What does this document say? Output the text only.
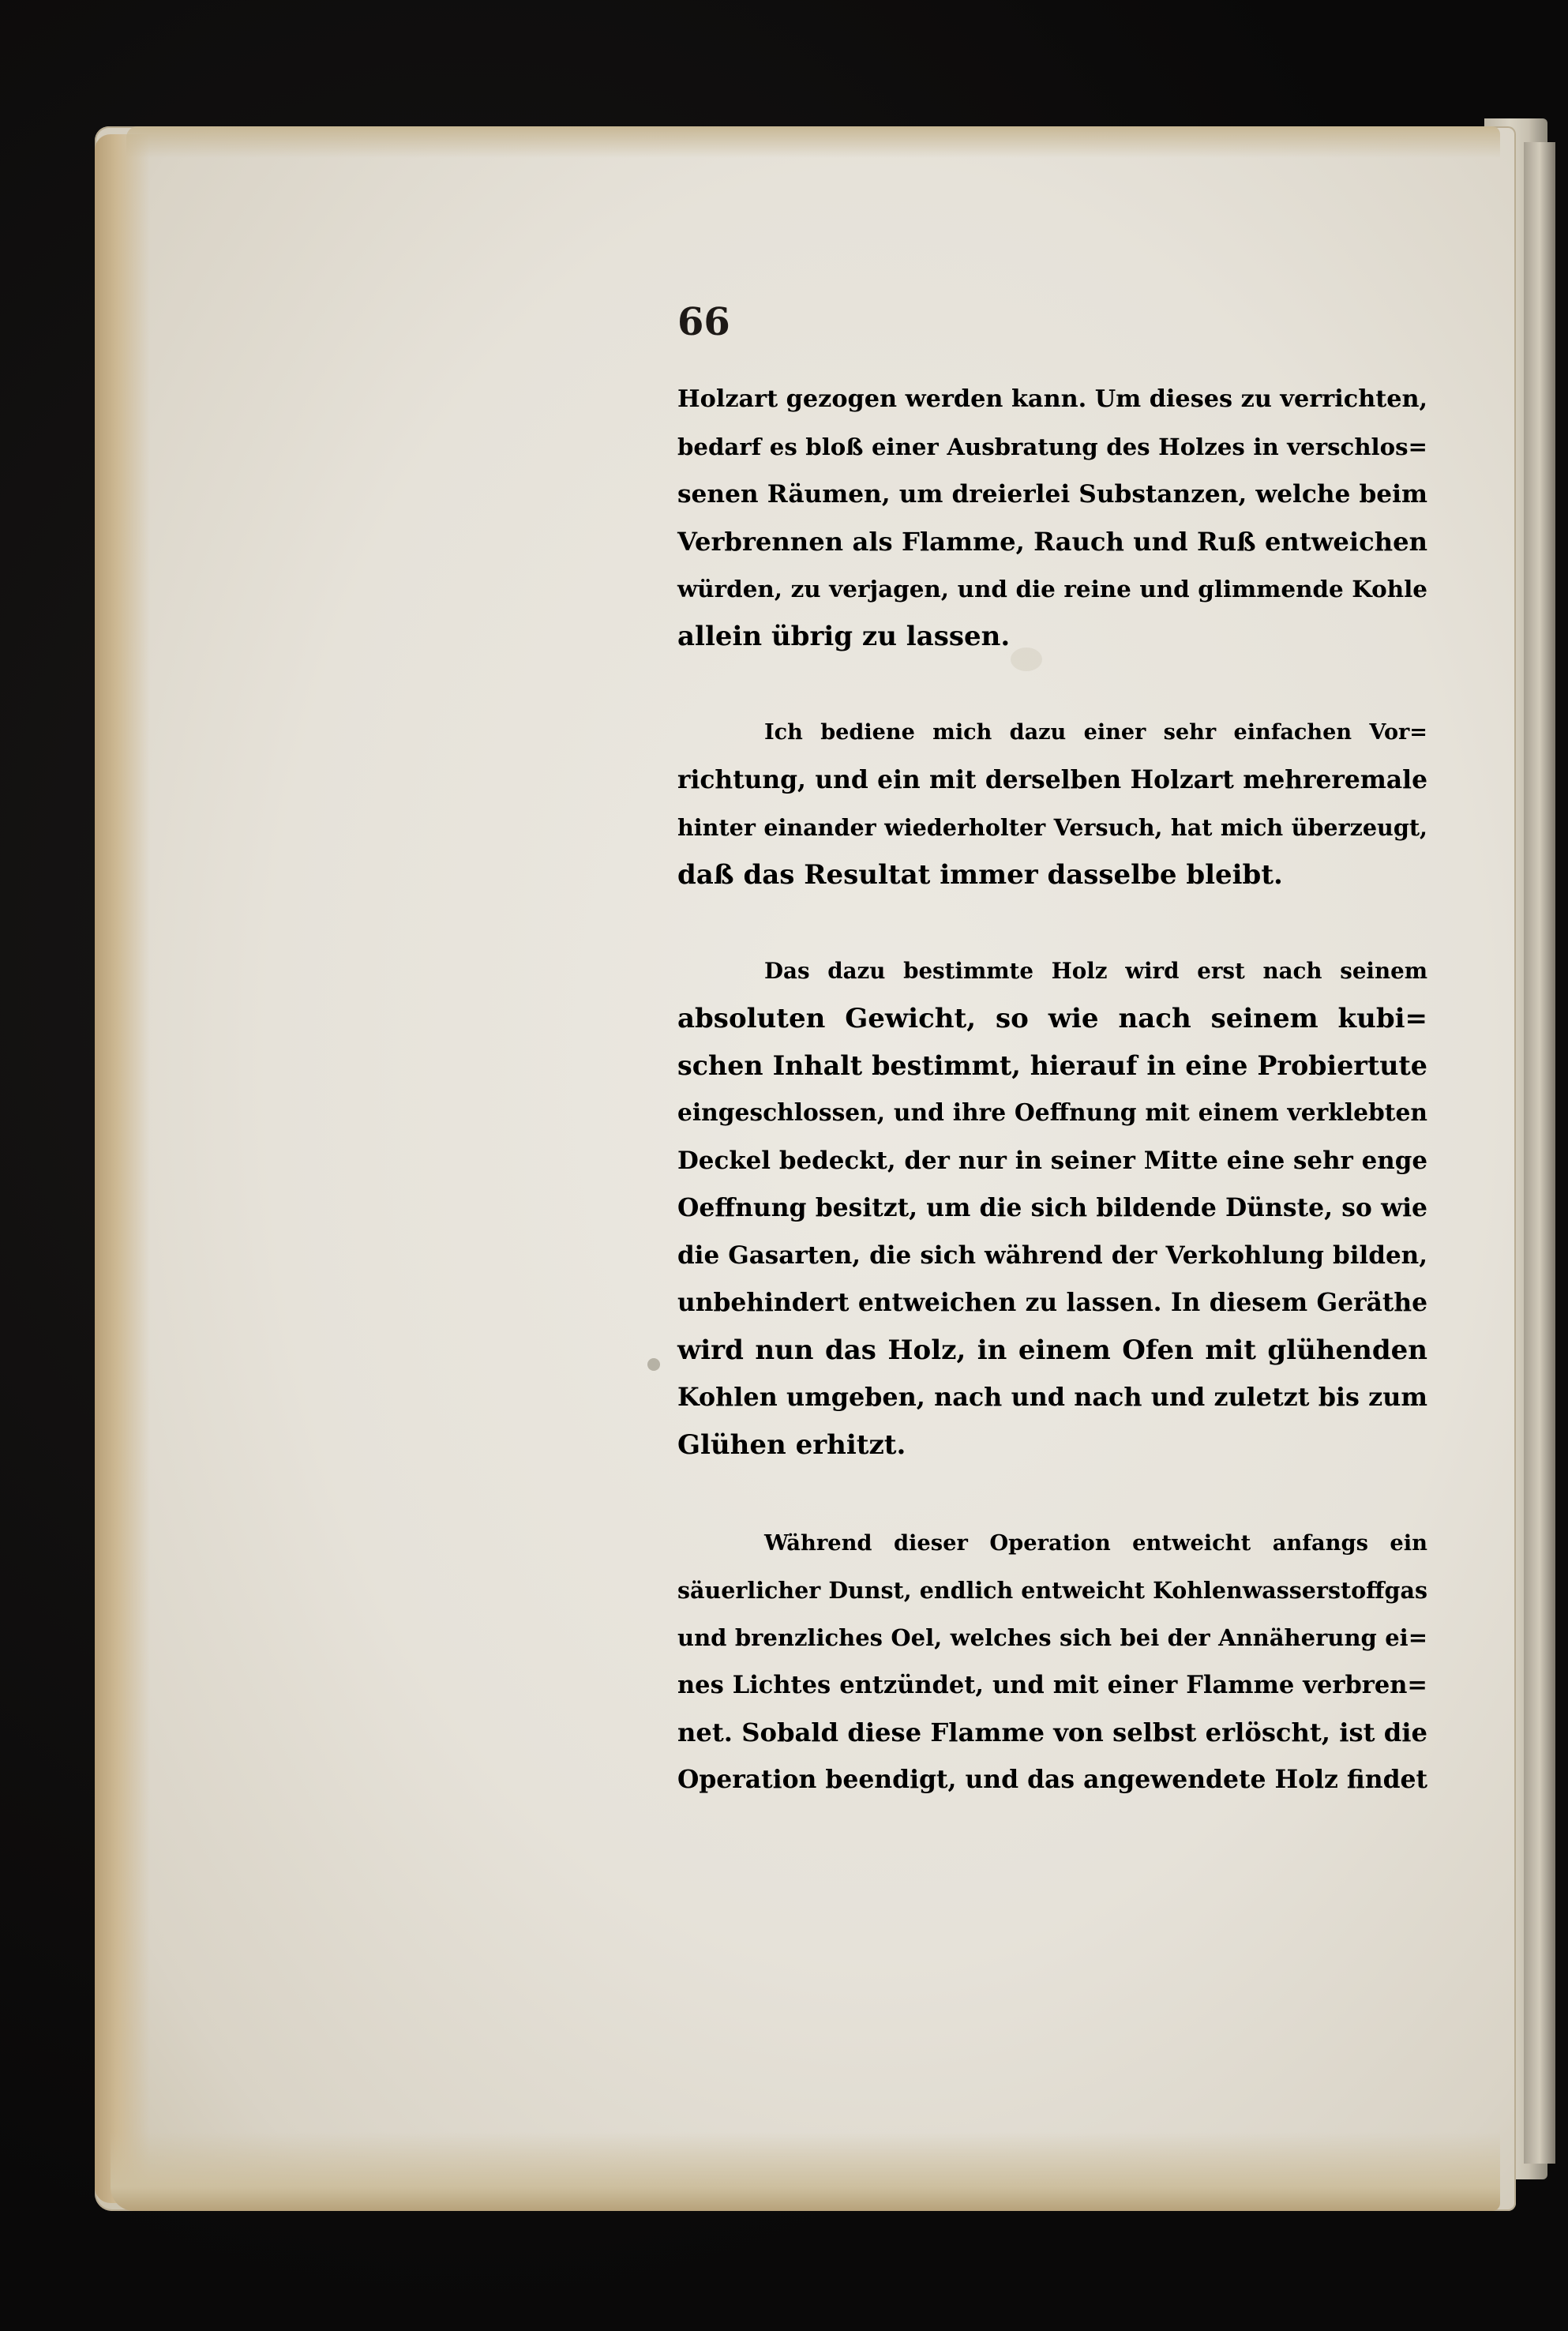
66
Holzart gezogen werden kann. Um dieses zu verrichten,
bedarf es bloß einer Ausbratung des Holzes in verschlos=
senen Räumen, um dreierlei Substanzen, welche beim
Verbrennen als Flamme, Rauch und Ruß entweichen
würden, zu verjagen, und die reine und glimmende Kohle
allein übrig zu lassen.
Ich bediene mich dazu einer sehr einfachen Vor=
richtung, und ein mit derselben Holzart mehreremale
hinter einander wiederholter Versuch, hat mich überzeugt,
daß das Resultat immer dasselbe bleibt.
Das dazu bestimmte Holz wird erst nach seinem
absoluten Gewicht, so wie nach seinem kubi=
schen Inhalt bestimmt, hierauf in eine Probiertute
eingeschlossen, und ihre Oeffnung mit einem verklebten
Deckel bedeckt, der nur in seiner Mitte eine sehr enge
Oeffnung besitzt, um die sich bildende Dünste, so wie
die Gasarten, die sich während der Verkohlung bilden,
unbehindert entweichen zu lassen. In diesem Geräthe
wird nun das Holz, in einem Ofen mit glühenden
Kohlen umgeben, nach und nach und zuletzt bis zum
Glühen erhitzt.
Während dieser Operation entweicht anfangs ein
säuerlicher Dunst, endlich entweicht Kohlenwasserstoffgas
und brenzliches Oel, welches sich bei der Annäherung ei=
nes Lichtes entzündet, und mit einer Flamme verbren=
net. Sobald diese Flamme von selbst erlöscht, ist die
Operation beendigt, und das angewendete Holz findet
